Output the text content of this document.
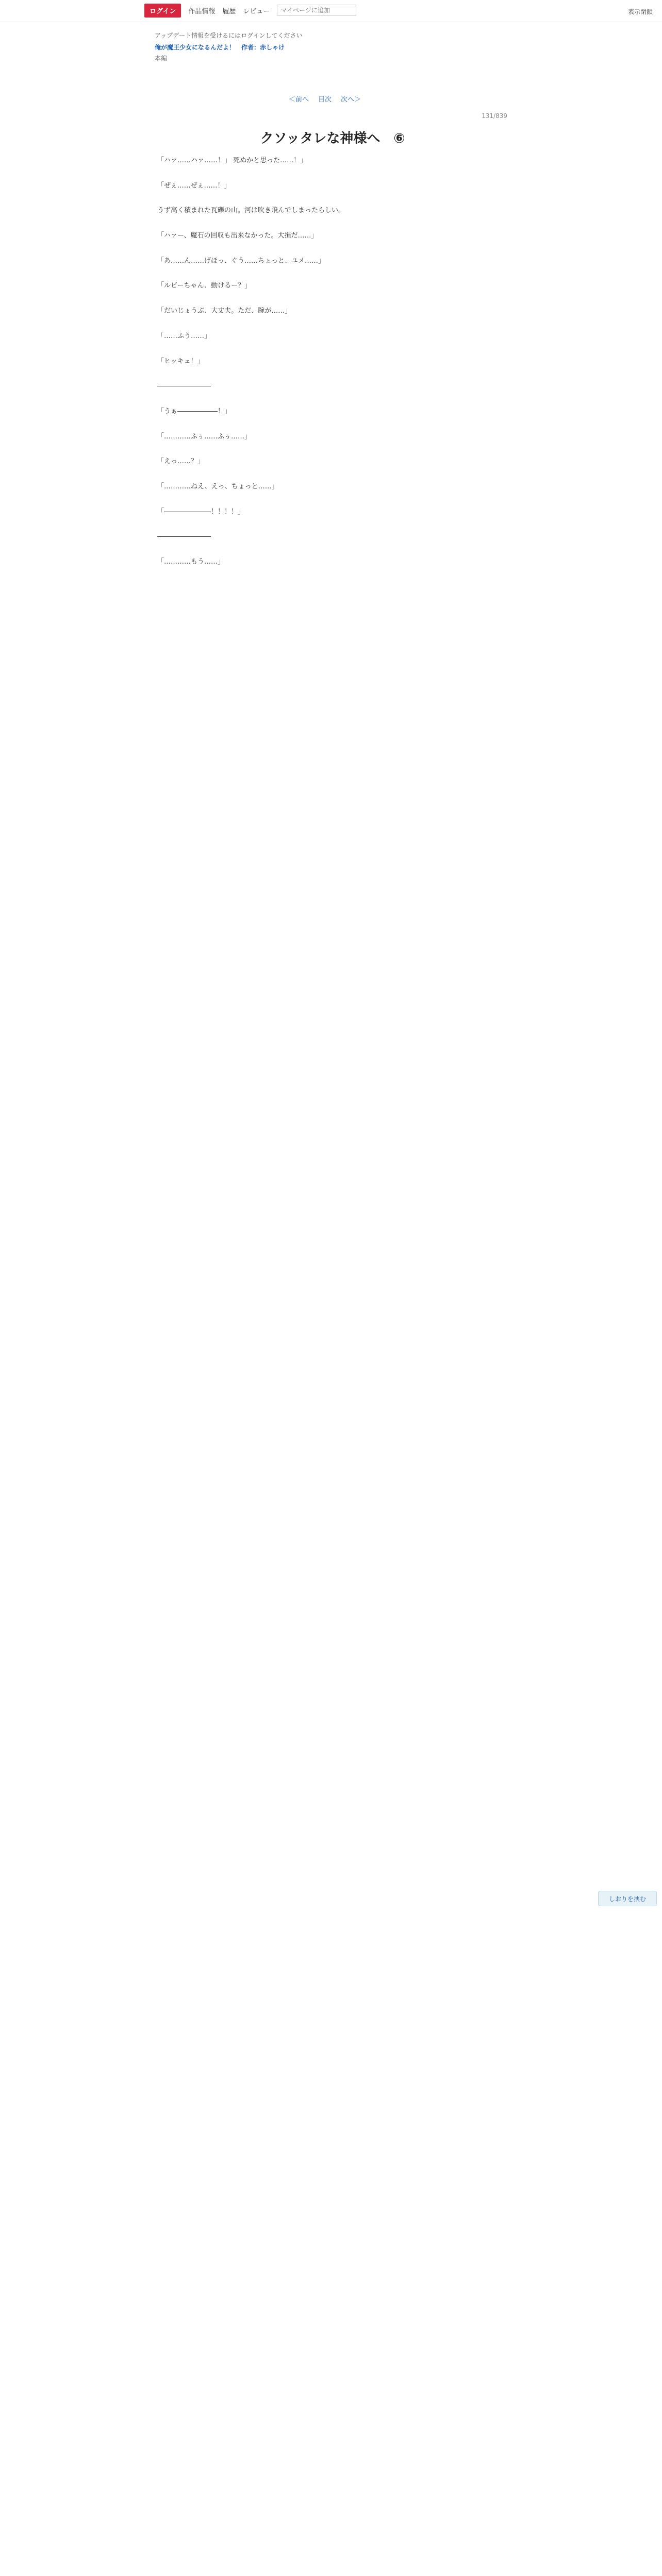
ログイン	作品情報 履歴 レビュー
マイページに追加	表示閉鎖
アップデート情報を受けるにはログインしてください
俺が魔王少女になるんだよ！　作者：赤しゃけ
本編
＜前へ 目次 次へ＞
131/839
クソッタレな神様へ　⑥

「ハァ……ハァ……！」 死ぬかと思った……！」

「ぜぇ……ぜぇ……！」

うず高く積まれた瓦礫の山。河は吹き飛んでしまったらしい。

「ハァー、魔石の回収も出来なかった。大損だ……」

「あ……ん……げほっ、ぐう……ちょっと、ユメ……」

「ルビーちゃん、動けるー？」

「だいじょうぶ、大丈夫。ただ、腕が……」

「……ふう……」

「ヒッキェ！」

――――――――

「うぁ――――――！」

「…………ふぅ……ふぅ……」

「えっ……？」

「…………ねえ、えっ、ちょっと……」

「―――――――！！！！」

――――――――

「…………もう……」

しおりを挟む
